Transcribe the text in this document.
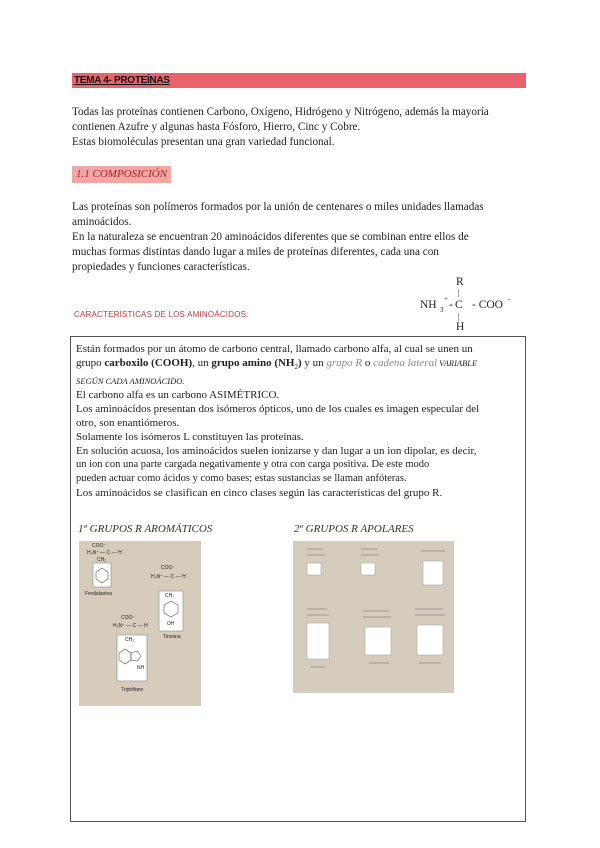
TEMA 4- PROTEÍNAS
Todas las proteínas contienen Carbono, Oxígeno, Hidrógeno y Nitrógeno, además la mayoría
contienen Azufre y algunas hasta Fósforo, Hierro, Cinc y Cobre.
Estas biomoléculas presentan una gran variedad funcional.
1.1 COMPOSICIÓN
Las proteínas son polímeros formados por la unión de centenares o miles unidades llamadas
aminoácidos.
En la naturaleza se encuentran 20 aminoácidos diferentes que se combinan entre ellos de
muchas formas distintas dando lugar a miles de proteínas diferentes, cada una con
propiedades y funciones características.
CARACTERÍSTICAS DE LOS AMINOÁCIDOS:
R
|
NH 3
+ - C - COO -
|
H
Están formados por un átomo de carbono central, llamado carbono alfa, al cual se unen un
grupo carboxilo (COOH), un grupo amino $(NH_2)$ y un grupo R o cadena lateral VARIABLE
SEGÚN CADA AMINOÁCIDO.
El carbono alfa es un carbono ASIMÉTRICO.
Los aminoácidos presentan dos isómeros ópticos, uno de los cuales es imagen especular del
otro, son enantiómeros.
Solamente los isómeros L constituyen las proteínas.
En solución acuosa, los aminoácidos suelen ionizarse y dan lugar a un ion dipolar, es decir,
un ion con una parte cargada negativamente y otra con carga positiva. De este modo
pueden actuar como ácidos y como bases; estas sustancias se llaman anfóteras.
Los aminoácidos se clasifican en cinco clases según las características del grupo R.
1º GRUPOS R AROMÁTICOS	2º GRUPOS R APOLARES
COO⁻
H₃N⁺ — C — H
CH₂
Fenilalanina
COO⁻
H₃N⁺ — C — H
CH₂
OH
Tirosina
COO⁻
H₃N⁺ — C — H
CH₂
NH
Triptófano
